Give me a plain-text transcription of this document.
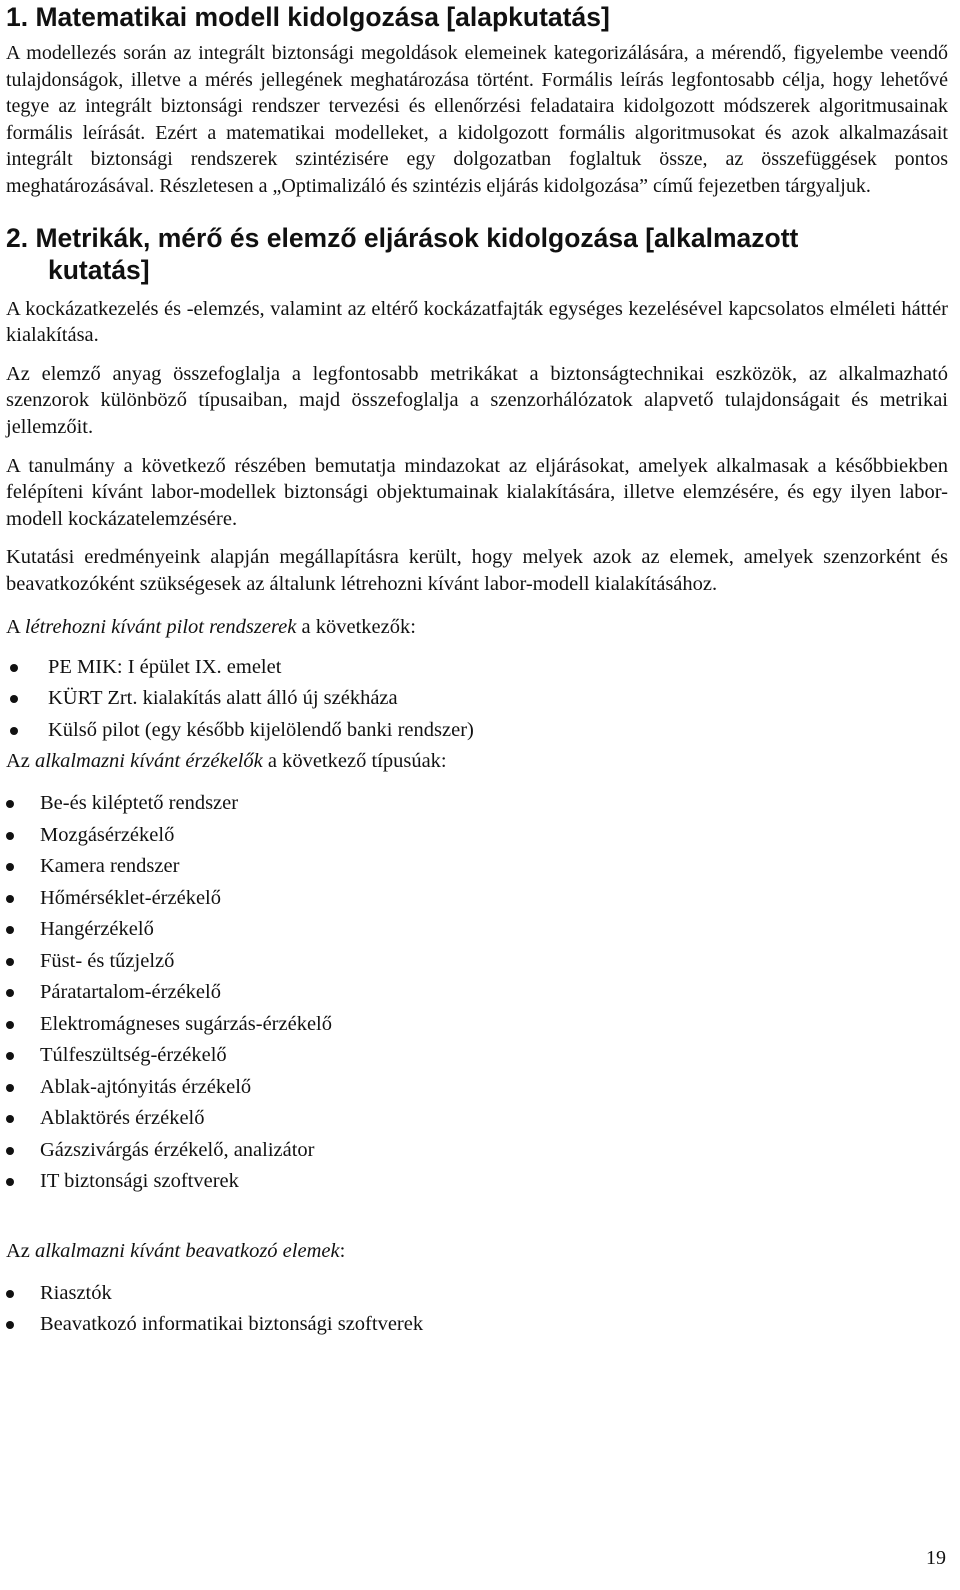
1. Matematikai modell kidolgozása [alapkutatás]

A modellezés során az integrált biztonsági megoldások elemeinek kategorizálására, a mérendő, figyelembe veendő tulajdonságok, illetve a mérés jellegének meghatározása történt. Formális leírás legfontosabb célja, hogy lehetővé tegye az integrált biztonsági rendszer tervezési és ellenőrzési feladataira kidolgozott módszerek algoritmusainak formális leírását. Ezért a matematikai modelleket, a kidolgozott formális algoritmusokat és azok alkalmazásait integrált biztonsági rendszerek szintézisére egy dolgozatban foglaltuk össze, az összefüggések pontos meghatározásával. Részletesen a „Optimalizáló és szintézis eljárás kidolgozása” című fejezetben tárgyaljuk.

2. Metrikák, mérő és elemző eljárások kidolgozása [alkalmazott
kutatás]

A kockázatkezelés és -elemzés, valamint az eltérő kockázatfajták egységes kezelésével kapcsolatos elméleti háttér kialakítása.

Az elemző anyag összefoglalja a legfontosabb metrikákat a biztonságtechnikai eszközök, az alkalmazható szenzorok különböző típusaiban, majd összefoglalja a szenzorhálózatok alapvető tulajdonságait és metrikai jellemzőit.

A tanulmány a következő részében bemutatja mindazokat az eljárásokat, amelyek alkalmasak a későbbiekben felépíteni kívánt labor-modellek biztonsági objektumainak kialakítására, illetve elemzésére, és egy ilyen labor-modell kockázatelemzésére.

Kutatási eredményeink alapján megállapításra került, hogy melyek azok az elemek, amelyek szenzorként és beavatkozóként szükségesek az általunk létrehozni kívánt labor-modell kialakításához.

A létrehozni kívánt pilot rendszerek a következők:
PE MIK: I épület IX. emelet
KÜRT Zrt. kialakítás alatt álló új székháza
Külső pilot (egy később kijelölendő banki rendszer)
Az alkalmazni kívánt érzékelők a következő típusúak:
Be-és kiléptető rendszer
Mozgásérzékelő
Kamera rendszer
Hőmérséklet-érzékelő
Hangérzékelő
Füst- és tűzjelző
Páratartalom-érzékelő
Elektromágneses sugárzás-érzékelő
Túlfeszültség-érzékelő
Ablak-ajtónyitás érzékelő
Ablaktörés érzékelő
Gázszivárgás érzékelő, analizátor
IT biztonsági szoftverek
Az alkalmazni kívánt beavatkozó elemek:
Riasztók
Beavatkozó informatikai biztonsági szoftverek
19
